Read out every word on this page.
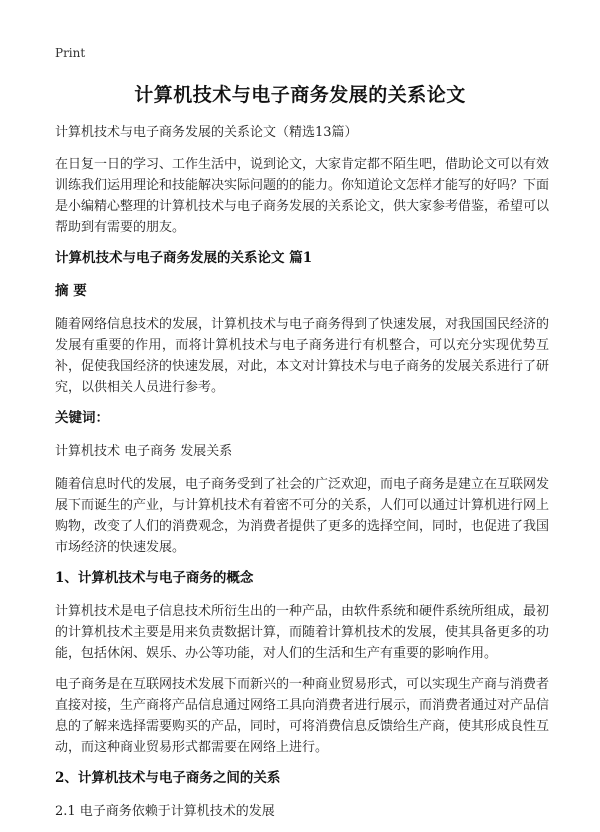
Print
计算机技术与电子商务发展的关系论文

计算机技术与电子商务发展的关系论文（精选13篇）

在日复一日的学习、工作生活中，说到论文，大家肯定都不陌生吧，借助论文可以有效训练我们运用理论和技能解决实际问题的的能力。你知道论文怎样才能写的好吗？下面是小编精心整理的计算机技术与电子商务发展的关系论文，供大家参考借鉴，希望可以帮助到有需要的朋友。

计算机技术与电子商务发展的关系论文 篇1
摘 要

随着网络信息技术的发展，计算机技术与电子商务得到了快速发展，对我国国民经济的发展有重要的作用，而将计算机技术与电子商务进行有机整合，可以充分实现优势互补，促使我国经济的快速发展，对此，本文对计算技术与电子商务的发展关系进行了研究，以供相关人员进行参考。

关键词：

计算机技术 电子商务 发展关系

随着信息时代的发展，电子商务受到了社会的广泛欢迎，而电子商务是建立在互联网发展下而诞生的产业，与计算机技术有着密不可分的关系，人们可以通过计算机进行网上购物，改变了人们的消费观念，为消费者提供了更多的选择空间，同时，也促进了我国市场经济的快速发展。

1、计算机技术与电子商务的概念

计算机技术是电子信息技术所衍生出的一种产品，由软件系统和硬件系统所组成，最初的计算机技术主要是用来负责数据计算，而随着计算机技术的发展，使其具备更多的功能，包括休闲、娱乐、办公等功能，对人们的生活和生产有重要的影响作用。

电子商务是在互联网技术发展下而新兴的一种商业贸易形式，可以实现生产商与消费者直接对接，生产商将产品信息通过网络工具向消费者进行展示，而消费者通过对产品信息的了解来选择需要购买的产品，同时，可将消费信息反馈给生产商，使其形成良性互动，而这种商业贸易形式都需要在网络上进行。

2、计算机技术与电子商务之间的关系

2.1 电子商务依赖于计算机技术的发展
